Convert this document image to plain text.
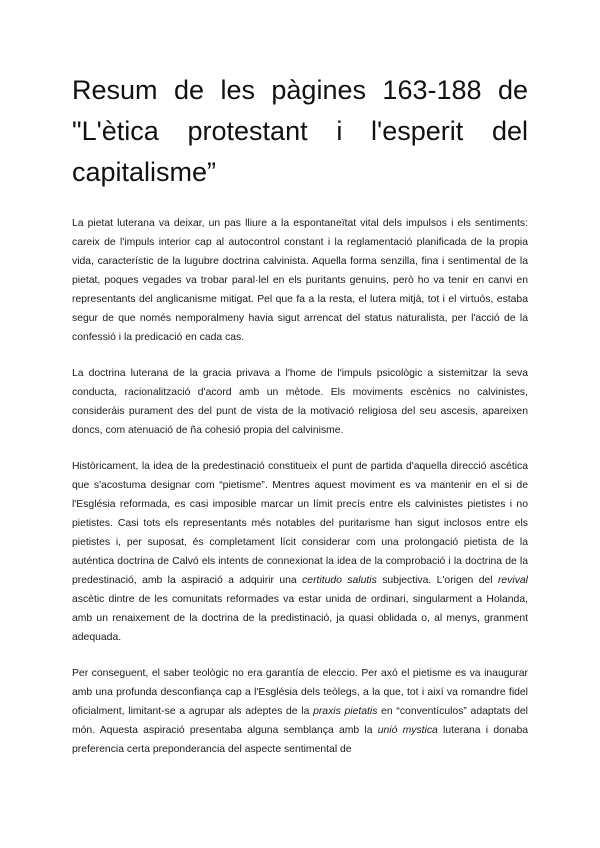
Resum de les pàgines 163-188 de
"L'ètica protestant i l'esperit del
capitalisme”

La pietat luterana va deixar, un pas lliure a la espontaneïtat vital dels impulsos i els sentiments: careix de l'impuls interior cap al autocontrol constant i la reglamentació planificada de la propia vida, característic de la lugubre doctrina calvinista. Aquella forma senzilla, fina i sentimental de la pietat, poques vegades va trobar paral·lel en els puritants genuins, però ho va tenir en canvi en representants del anglicanisme mitigat. Pel que fa a la resta, el lutera mitjà, tot i el virtuós, estaba segur de que només nemporalmeny havia sigut arrencat del status naturalista, per l'acció de la confessió i la predicació en cada cas.

La doctrina luterana de la gracia privava a l'home de l'impuls psicològic a sistemitzar la seva conducta, racionalització d'acord amb un mètode. Els moviments escènics no calvinistes, consideráis purament des del punt de vista de la motivació religiosa del seu ascesis, apareixen doncs, com atenuació de ña cohesió propia del calvinisme.

Històricament, la idea de la predestinació constitueix el punt de partida d'aquella direcció ascética que s'acostuma designar com “pietisme”. Mentres aquest moviment es va mantenir en el si de l'Església reformada, es casi imposible marcar un límit precís entre els calvinistes pietistes i no pietistes. Casi tots els representants més notables del puritarisme han sigut inclosos entre els pietistes i, per suposat, és completament lícit considerar com una prolongació pietista de la auténtica doctrina de Calvó els intents de connexionat la idea de la comprobació i la doctrina de la predestinació, amb la aspiració a adquirir una certitudo salutis subjectiva. L'origen del revival ascètic dintre de les comunitats reformades va estar unida de ordinari, singularment a Holanda, amb un renaixement de la doctrina de la predistinació, ja quasi oblidada o, al menys, granment adequada.

Per conseguent, el saber teològic no era garantía de eleccio. Per axó el pietisme es va inaugurar amb una profunda desconfiança cap a l'Església dels teòlegs, a la que, tot i així va romandre fidel oficialment, limitant-se a agrupar als adeptes de la praxis pietatis en “conventículos” adaptats del món. Aquesta aspiració presentaba alguna semblança amb la unió mystica luterana i donaba preferencia certa preponderancia del aspecte sentimental de
